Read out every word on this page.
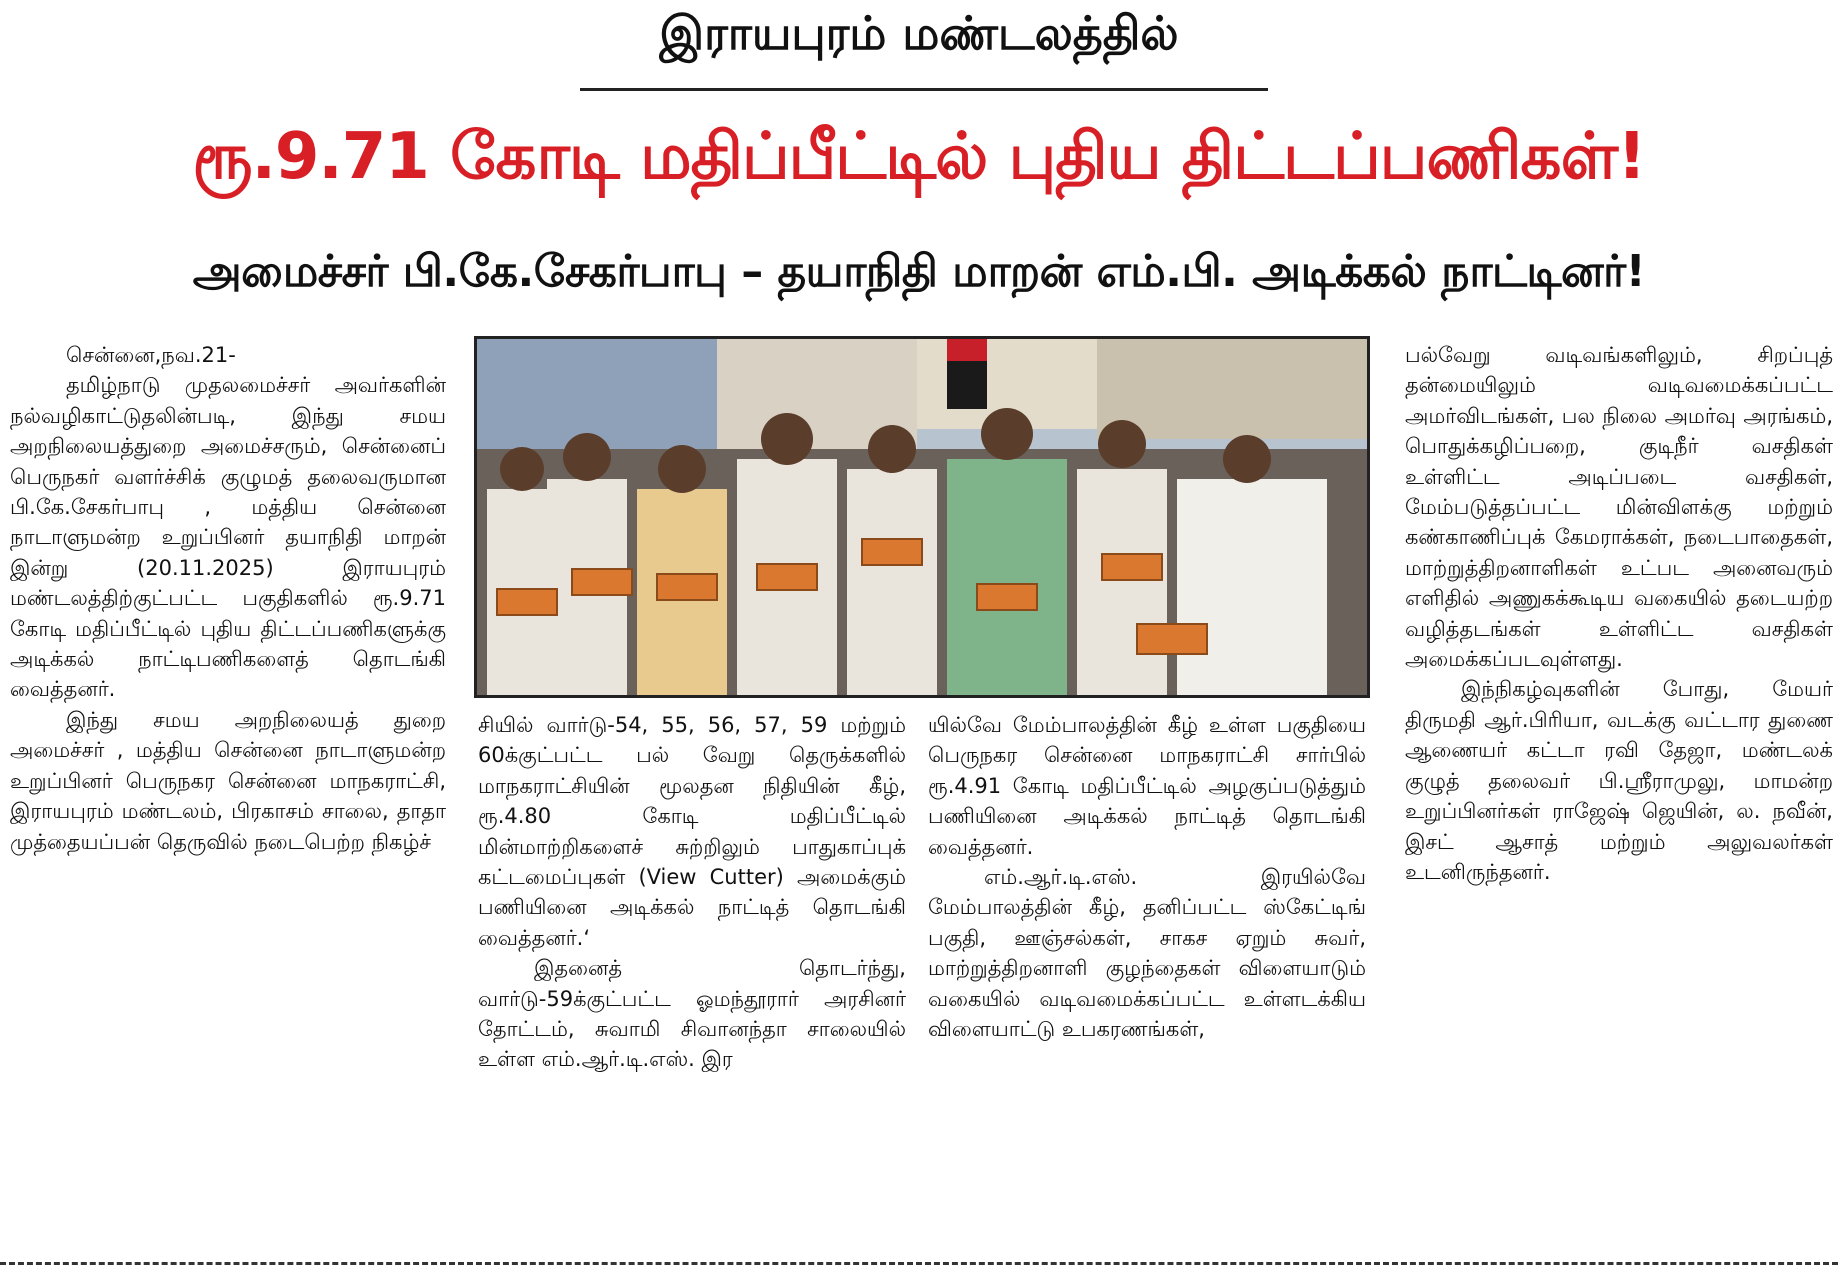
இராயபுரம் மண்டலத்தில்
ரூ.9.71 கோடி மதிப்பீட்டில் புதிய திட்டப்பணிகள்!
அமைச்சர் பி.கே.சேகர்பாபு – தயாநிதி மாறன் எம்.பி. அடிக்கல் நாட்டினர்!

சென்னை,நவ.21-

தமிழ்நாடு முதலமைச்சர் அவர்களின் நல்வழிகாட்டுதலின்படி, இந்து சமய அறநிலையத்துறை அமைச்சரும், சென்னைப் பெருநகர் வளர்ச்சிக் குழுமத் தலைவருமான பி.கே.சேகர்பாபு , மத்திய சென்னை நாடாளுமன்ற உறுப்பினர் தயாநிதி மாறன் இன்று (20.11.2025) இராயபுரம் மண்டலத்திற்குட்பட்ட பகுதிகளில் ரூ.9.71 கோடி மதிப்பீட்டில் புதிய திட்டப்பணிகளுக்கு அடிக்கல் நாட்டிபணிகளைத் தொடங்கி வைத்தனர்.

இந்து சமய அறநிலையத் துறை அமைச்சர் , மத்திய சென்னை நாடாளுமன்ற உறுப்பினர் பெருநகர சென்னை மாநகராட்சி, இராயபுரம் மண்டலம், பிரகாசம் சாலை, தாதா முத்தையப்பன் தெருவில் நடைபெற்ற நிகழ்ச்

சியில் வார்டு-54, 55, 56, 57, 59 மற்றும் 60க்குட்பட்ட பல் வேறு தெருக்களில் மாநகராட்சியின் மூலதன நிதியின் கீழ், ரூ.4.80 கோடி மதிப்பீட்டில் மின்மாற்றிகளைச் சுற்றிலும் பாதுகாப்புக் கட்டமைப்புகள் (View Cutter) அமைக்கும் பணியினை அடிக்கல் நாட்டித் தொடங்கி வைத்தனர்.‘

இதனைத் தொடர்ந்து, வார்டு-59க்குட்பட்ட ஓமந்தூரார் அரசினர் தோட்டம், சுவாமி சிவானந்தா சாலையில் உள்ள எம்.ஆர்.டி.எஸ். இர

யில்வே மேம்பாலத்தின் கீழ் உள்ள பகுதியை பெருநகர சென்னை மாநகராட்சி சார்பில் ரூ.4.91 கோடி மதிப்பீட்டில் அழகுப்படுத்தும் பணியினை அடிக்கல் நாட்டித் தொடங்கி வைத்தனர்.

எம்.ஆர்.டி.எஸ். இரயில்வே மேம்பாலத்தின் கீழ், தனிப்பட்ட ஸ்கேட்டிங் பகுதி, ஊஞ்சல்கள், சாகச ஏறும் சுவர், மாற்றுத்திறனாளி குழந்தைகள் விளையாடும் வகையில் வடிவமைக்கப்பட்ட உள்ளடக்கிய விளையாட்டு உபகரணங்கள்,

பல்வேறு வடிவங்களிலும், சிறப்புத் தன்மையிலும் வடிவமைக்கப்பட்ட அமர்விடங்கள், பல நிலை அமர்வு அரங்கம், பொதுக்கழிப்பறை, குடிநீர் வசதிகள் உள்ளிட்ட அடிப்படை வசதிகள், மேம்படுத்தப்பட்ட மின்விளக்கு மற்றும் கண்காணிப்புக் கேமராக்கள், நடைபாதைகள், மாற்றுத்திறனாளிகள் உட்பட அனைவரும் எளிதில் அணுகக்கூடிய வகையில் தடையற்ற வழித்தடங்கள் உள்ளிட்ட வசதிகள் அமைக்கப்படவுள்ளது.

இந்நிகழ்வுகளின் போது, மேயர் திருமதி ஆர்.பிரியா, வடக்கு வட்டார துணை ஆணையர் கட்டா ரவி தேஜா, மண்டலக் குழுத் தலைவர் பி.ஸ்ரீராமுலு, மாமன்ற உறுப்பினர்கள் ராஜேஷ் ஜெயின், ல. நவீன், இசட் ஆசாத் மற்றும் அலுவலர்கள் உடனிருந்தனர்.
